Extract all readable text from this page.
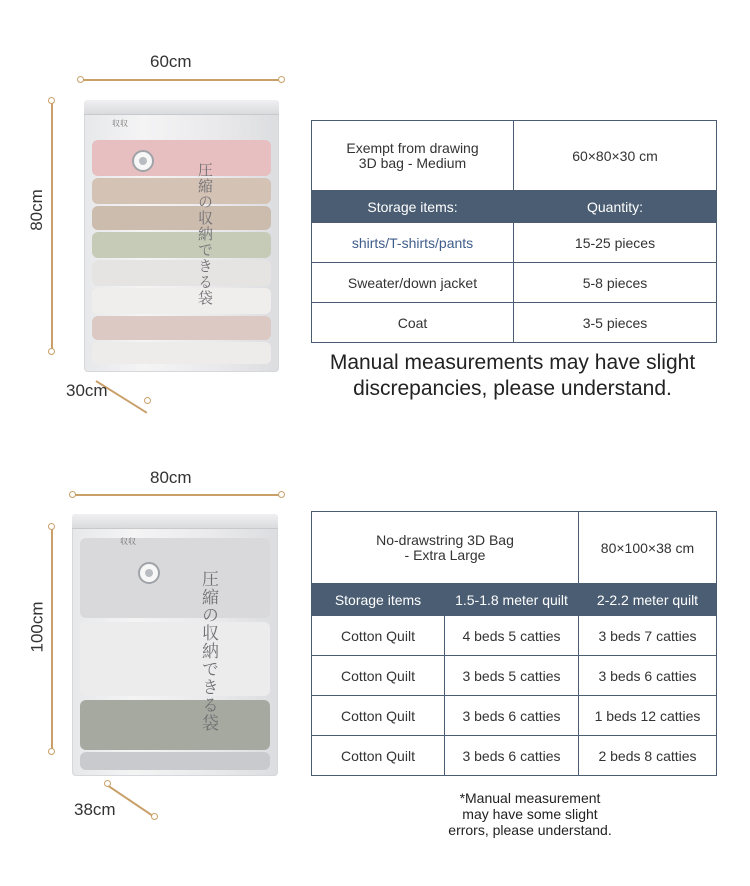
60cm
80cm
30cm
収収
圧縮の収納できる袋
Exempt from drawing
3D bag - Medium	60×80×30 cm
Storage items:	Quantity:
shirts/T-shirts/pants	15-25 pieces
Sweater/down jacket	5-8 pieces
Coat	3-5 pieces
Manual measurements may have slight
discrepancies, please understand.
80cm
100cm
38cm
収収
圧縮の収納できる袋
No-drawstring 3D Bag
- Extra Large		80×100×38 cm
Storage items	1.5-1.8 meter quilt	2-2.2 meter quilt
Cotton Quilt	4 beds 5 catties	3 beds 7 catties
Cotton Quilt	3 beds 5 catties	3 beds 6 catties
Cotton Quilt	3 beds 6 catties	1 beds 12 catties
Cotton Quilt	3 beds 6 catties	2 beds 8 catties
*Manual measurement
may have some slight
errors, please understand.
